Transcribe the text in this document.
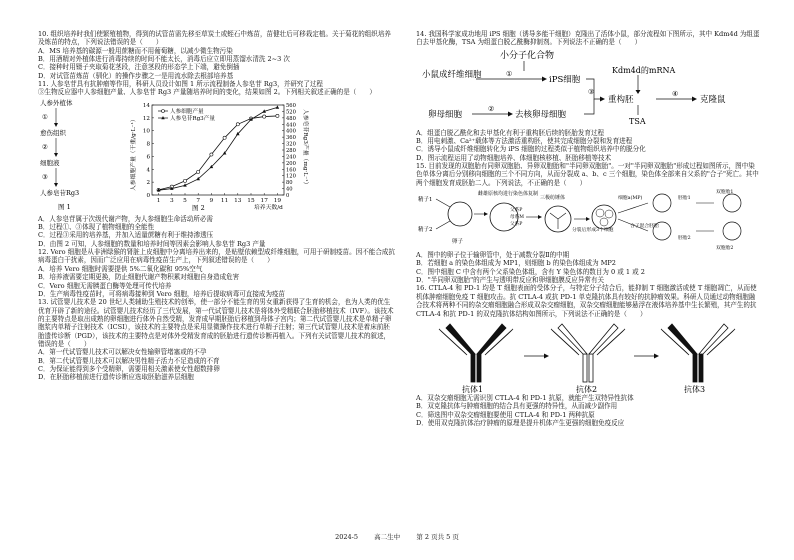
10. 组织培养时我们使繁殖植物，得到的试管苗需先移至草炭土或蛭石中炼苗，苗健壮后可移栽定植。关于菊花的组织培养及炼苗的特点，下列说法错误的是（　　）
A．MS 培养基的碳源一般用蔗糖而不用葡萄糖，以减少微生物污染
B．用酒精对外植体进行消毒持续的时间不能太长，消毒后应立即用蒸馏水清洗 2~3 次
C．接种时用镊子夹取菊花茎段，注意茎段的形态学上下端，避免倒插
D．对试管苗炼苗（驯化）的操作步骤之一是用流水除去根部培养基
11. 人参皂苷具有抗肿瘤等作用，科研人员设计如图 1 所示流程制备人参皂苷 Rg3，并研究了过程
③生物反应器中人参细胞产量、人参皂苷 Rg3 产量随培养时间的变化，结果如图 2。下列相关叙述正确的是（　　）
人参外植体
①
愈伤组织
②
细胞液
③
人参皂苷Rg3
图 1
1 3 5 7 9 11 13 15 17 19
0
2
4
6
8
10
12
14
0
40
80
120
160
200
240
280
320
360
400
440
480
520
560
人参细胞产量（干重/g·L⁻¹）	人参皂苷Rg3产量（mg·L⁻¹）
培养天数/d
图 2
人参细胞产量
人参皂苷Rg3产量
A．人参皂苷属于次级代谢产物，为人参细胞生命活动所必需
B．过程①、③体现了植物细胞的全能性
C．过程③采用的培养基，并加入适量蔗糖有利于维持渗透压
D．由图 2 可知，人参细胞的数量和培养时间等因素会影响人参皂苷 Rg3 产量
12. Vero 细胞是从非洲绿猴的肾脏上皮细胞中分离培养出来的，是贴壁依赖型成纤维细胞，可用于研制疫苗。因不能合成抗病毒蛋白干扰素，因而广泛应用在病毒性疫苗生产上，下列叙述错误的是（　　）
A．培养 Vero 细胞时需要提供 5%二氧化碳和 95%空气
B．培养液需要定期更换，防止细胞代谢产物积累对细胞自身造成危害
C．Vero 细胞无需胰蛋白酶等处理可传代培养
D．生产病毒性疫苗时，可将病毒接种到 Vero 细胞，培养后提取病毒可直接成为疫苗
13. 试管婴儿技术是 20 世纪人类辅助生殖技术的创举，使一部分不能生育的男女重新获得了生育的机会，也为人类的优生优育开辟了新的途径。试管婴儿技术经历了三代发展，第一代试管婴儿技术是将体外受精联合胚胎移植技术（IVF）。该技术的主要特点是取出成熟的卵细胞进行体外自然受精，发育成早期胚胎后移植到母体子宫内；第二代试管婴儿技术是单精子卵胞浆内单精子注射技术（ICSI），该技术的主要特点是采用显微操作技术进行单精子注射；第三代试管婴儿技术是着床前胚胎遗传诊断（PGD），该技术的主要特点是对体外受精发育成的胚胎进行遗传诊断再植入。下列有关试管婴儿技术的叙述，错误的是（　　）
A．第一代试管婴儿技术可以解决女性输卵管堵塞或的不孕
B．第二代试管婴儿技术可以解决男性精子活力不足造成的不育
C．为保证能得到多个受精卵，需要用相关激素使女性超数排卵
D．在胚胎移植前进行遗传诊断应选取胚胎滋养层细胞
14. 我国科学家成功地用 iPS 细胞（诱导多能干细胞）克隆出了活体小鼠，部分流程如下图所示，其中 Kdm4d 为组蛋白去甲基化酶，TSA 为组蛋白脱乙酰酶抑制剂。下列说法不正确的是（　　）
小分子化合物
小鼠成纤维细胞	①
iPS细胞
③
Kdm4d的mRNA
重构胚
TSA
④
克隆鼠
卵母细胞
②
去核卵母细胞
A．组蛋白脱乙酰化和去甲基化有利于重构胚后续的胚胎发育过程
B．用电刺激、Ca²⁺载体等方法激活重构胚，使其完成细胞分裂和发育进程
C．诱导小鼠成纤维细胞转化为 iPS 细胞的过程类似于植物组织培养中的脱分化
D．图示流程运用了动物细胞培养、体细胞核移植、胚胎移植等技术
15. 目前发现的双胞胎有同卵双胞胎、异卵双胞胎和"半同卵双胞胎"。一对"半同卵双胞胎"形成过程如图所示，图中染色单体分离后分别移向细胞的三个不同方向，从而分裂成 a、b、c 三个细胞，染色体全部来自父系的"合子"死亡。其中两个细胞发育成胚胎二人。下列说法，不正确的是（　　）
精子1
精子2
卵子
雌雄原核均进行染色体复制
父系P
母系M
父系P
三极纺锤体
分裂后形成3个细胞
细胞a(MP)
合子混合胚胎
胚胎1
胚胎2
双胞胎1
双胞胎2
A．图中的卵子位于输卵管中，处于减数分裂Ⅱ的中期
B．若细胞 a 的染色体组成为 MP1，则细胞 b 的染色体组成为 MP2
C．图中细胞 C 中含有两个父系染色体组，含有 Y 染色体的数目为 0 或 1 或 2
D．"半同卵双胞胎"的产生与透明带反应和卵细胞膜反应异常有关
16. CTLA-4 和 PD-1 均是 T 细胞表面的受体分子，与特定分子结合后，能抑制 T 细胞激活或使 T 细胞凋亡，从而使机体肿瘤细胞免疫 T 细胞攻击。抗 CTLA-4 或抗 PD-1 单克隆抗体具有较好的抗肿瘤效果。科研人员通过动物细胞融合技术将两种不同的杂交瘤细胞融合形成双杂交瘤细胞，双杂交瘤细胞能够悬浮在液体培养基中生长繁殖，其产生的抗 CTLA-4 和抗 PD-1 的双克隆抗体结构如图所示，下列说法不正确的是（　　）
抗体1	抗体2	抗体3
A．双杂交瘤细胞无需识别 CTLA-4 和 PD-1 抗原，就能产生双特异性抗体
B．双克隆抗体与肿瘤细胞的结合具有更强的特异性，从而减少副作用
C．筛选图中双杂交瘤细胞要使用 CTLA-4 和 PD-1 两种抗原
D．使用双克隆抗体治疗肿瘤的原理是提升机体产生更强的细胞免疫反应
2024-5 高二生中 第 2 页共 5 页
